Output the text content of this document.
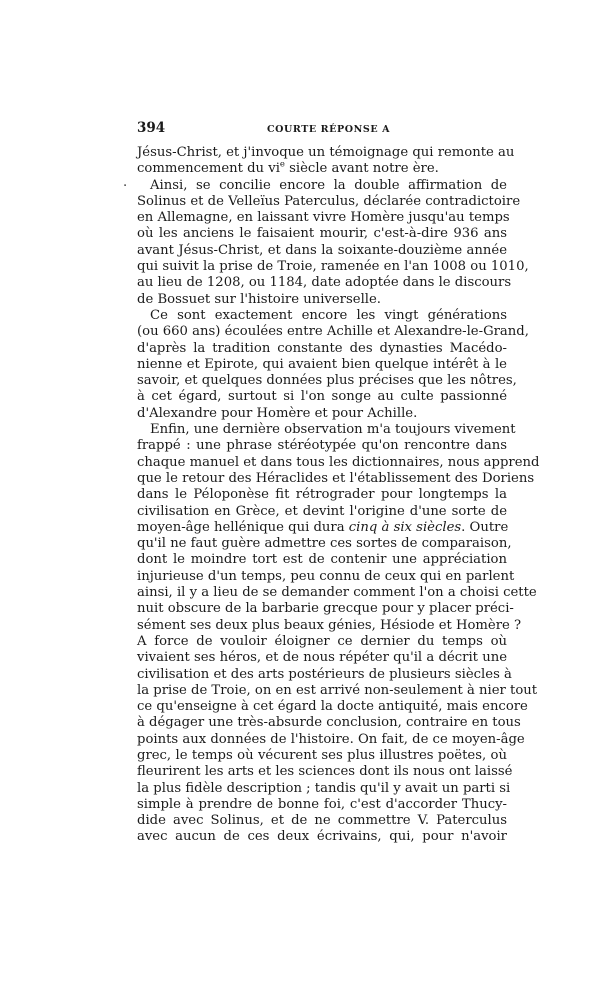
.
394	COURTE RÉPONSE A
Jésus-Christ, et j'invoque un témoignage qui remonte au
commencement du $vi^e$ siècle avant notre ère.
Ainsi, se concilie encore la double affirmation de
Solinus et de Velleïus Paterculus, déclarée contradictoire
en Allemagne, en laissant vivre Homère jusqu'au temps
où les anciens le faisaient mourir, c'est-à-dire 936 ans
avant Jésus-Christ, et dans la soixante-douzième année
qui suivit la prise de Troie, ramenée en l'an 1008 ou 1010,
au lieu de 1208, ou 1184, date adoptée dans le discours
de Bossuet sur l'histoire universelle.
Ce sont exactement encore les vingt générations
(ou 660 ans) écoulées entre Achille et Alexandre-le-Grand,
d'après la tradition constante des dynasties Macédo-
nienne et Epirote, qui avaient bien quelque intérêt à le
savoir, et quelques données plus précises que les nôtres,
à cet égard, surtout si l'on songe au culte passionné
d'Alexandre pour Homère et pour Achille.
Enfin, une dernière observation m'a toujours vivement
frappé : une phrase stéréotypée qu'on rencontre dans
chaque manuel et dans tous les dictionnaires, nous apprend
que le retour des Héraclides et l'établissement des Doriens
dans le Péloponèse fit rétrograder pour longtemps la
civilisation en Grèce, et devint l'origine d'une sorte de
moyen-âge hellénique qui dura cinq à six siècles. Outre
qu'il ne faut guère admettre ces sortes de comparaison,
dont le moindre tort est de contenir une appréciation
injurieuse d'un temps, peu connu de ceux qui en parlent
ainsi, il y a lieu de se demander comment l'on a choisi cette
nuit obscure de la barbarie grecque pour y placer préci-
sément ses deux plus beaux génies, Hésiode et Homère ?
A force de vouloir éloigner ce dernier du temps où
vivaient ses héros, et de nous répéter qu'il a décrit une
civilisation et des arts postérieurs de plusieurs siècles à
la prise de Troie, on en est arrivé non-seulement à nier tout
ce qu'enseigne à cet égard la docte antiquité, mais encore
à dégager une très-absurde conclusion, contraire en tous
points aux données de l'histoire. On fait, de ce moyen-âge
grec, le temps où vécurent ses plus illustres poëtes, où
fleurirent les arts et les sciences dont ils nous ont laissé
la plus fidèle description ; tandis qu'il y avait un parti si
simple à prendre de bonne foi, c'est d'accorder Thucy-
dide avec Solinus, et de ne commettre V. Paterculus
avec aucun de ces deux écrivains, qui, pour n'avoir
